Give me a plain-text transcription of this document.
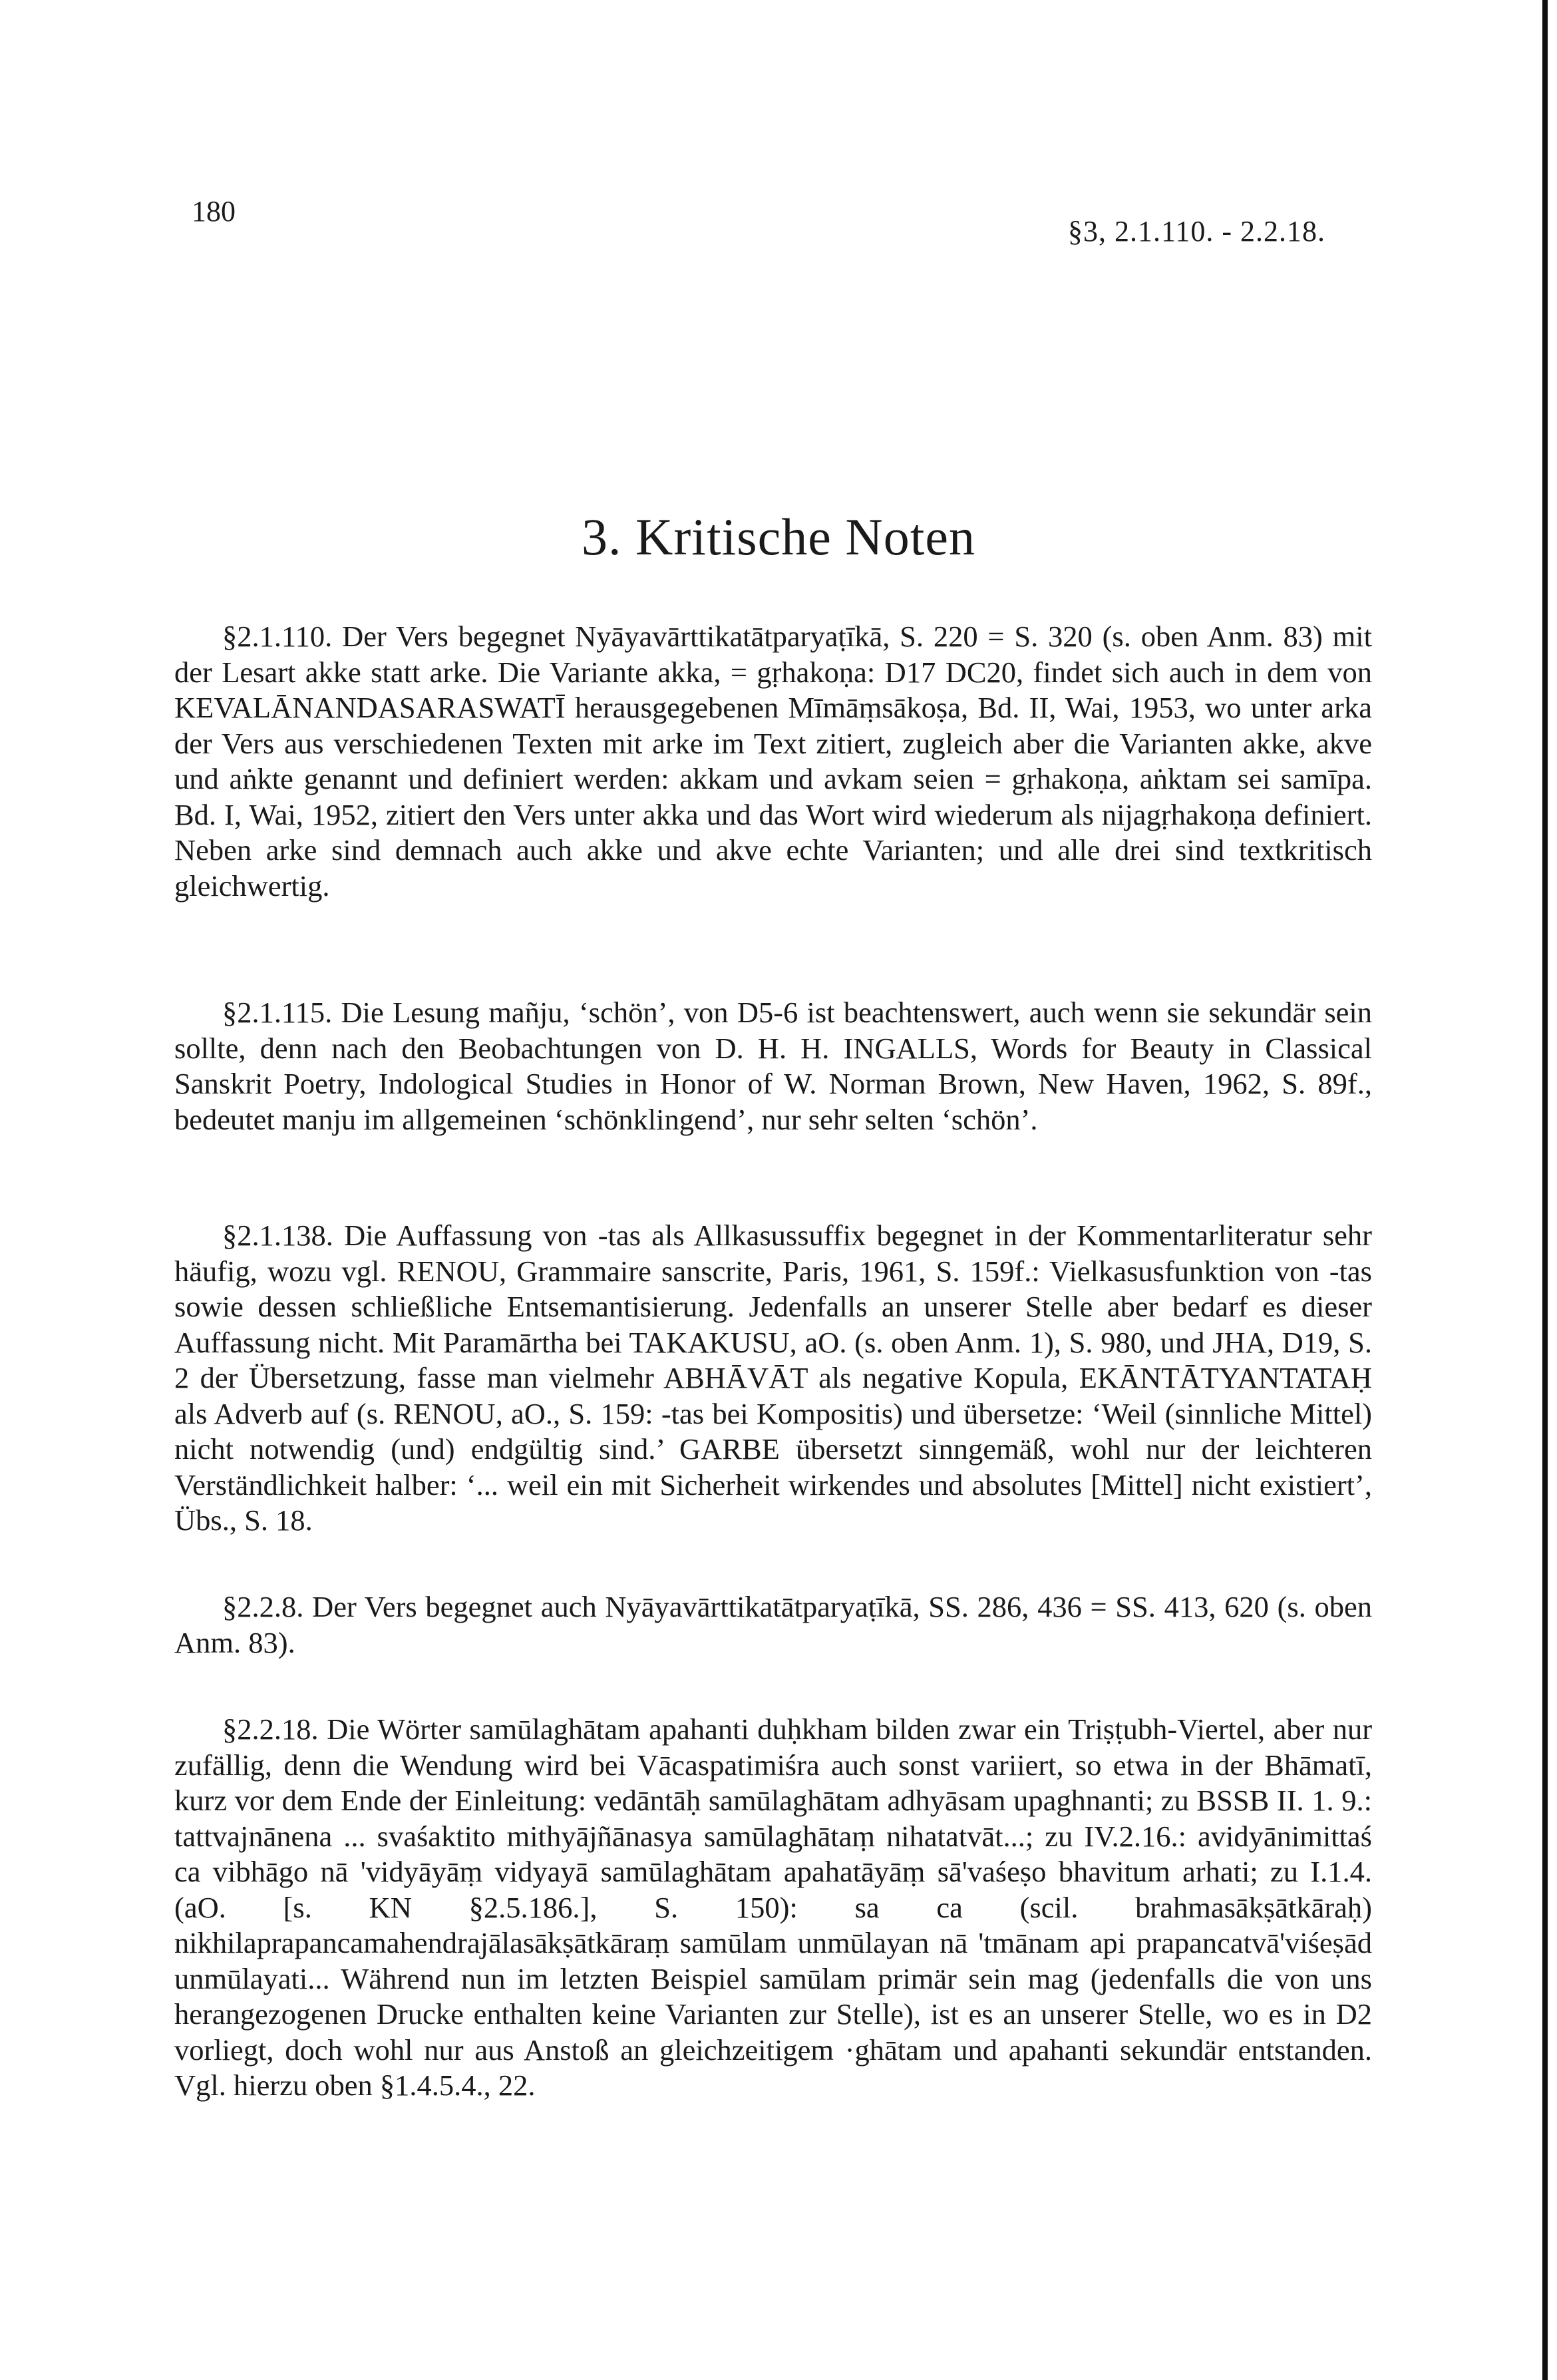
180
§3, 2.1.110. - 2.2.18.
3. Kritische Noten

§2.1.110. Der Vers begegnet Nyāyavārttikatātparyaṭīkā, S. 220 = S. 320 (s. oben Anm. 83) mit der Lesart akke statt arke. Die Variante akka, = gṛhakoṇa: D17 DC20, findet sich auch in dem von KEVALĀNANDASARASWATĪ herausgegebenen Mīmāṃsākoṣa, Bd. II, Wai, 1953, wo unter arka der Vers aus verschiedenen Texten mit arke im Text zitiert, zugleich aber die Varianten akke, akve und aṅkte genannt und definiert werden: akkam und avkam seien = gṛhakoṇa, aṅktam sei samīpa. Bd. I, Wai, 1952, zitiert den Vers unter akka und das Wort wird wiederum als nijagṛhakoṇa definiert. Neben arke sind demnach auch akke und akve echte Varianten; und alle drei sind textkritisch gleichwertig.

§2.1.115. Die Lesung mañju, ‘schön’, von D5-6 ist beachtenswert, auch wenn sie sekundär sein sollte, denn nach den Beobachtungen von D. H. H. INGALLS, Words for Beauty in Classical Sanskrit Poetry, Indological Studies in Honor of W. Norman Brown, New Haven, 1962, S. 89f., bedeutet manju im allgemeinen ‘schönklingend’, nur sehr selten ‘schön’.

§2.1.138. Die Auffassung von -tas als Allkasussuffix begegnet in der Kommentarliteratur sehr häufig, wozu vgl. RENOU, Grammaire sanscrite, Paris, 1961, S. 159f.: Vielkasusfunktion von -tas sowie dessen schließliche Entsemantisierung. Jedenfalls an unserer Stelle aber bedarf es dieser Auffassung nicht. Mit Paramārtha bei TAKAKUSU, aO. (s. oben Anm. 1), S. 980, und JHA, D19, S. 2 der Übersetzung, fasse man vielmehr ABHĀVĀT als negative Kopula, EKĀNTĀTYANTATAḤ als Adverb auf (s. RENOU, aO., S. 159: -tas bei Kompositis) und übersetze: ‘Weil (sinnliche Mittel) nicht notwendig (und) endgültig sind.’ GARBE übersetzt sinngemäß, wohl nur der leichteren Verständlichkeit halber: ‘... weil ein mit Sicherheit wirkendes und absolutes [Mittel] nicht existiert’, Übs., S. 18.

§2.2.8. Der Vers begegnet auch Nyāyavārttikatātparyaṭīkā, SS. 286, 436 = SS. 413, 620 (s. oben Anm. 83).

§2.2.18. Die Wörter samūlaghātam apahanti duḥkham bilden zwar ein Triṣṭubh-Viertel, aber nur zufällig, denn die Wendung wird bei Vācaspatimiśra auch sonst variiert, so etwa in der Bhāmatī, kurz vor dem Ende der Einleitung: vedāntāḥ samūlaghātam adhyāsam upaghnanti; zu BSSB II. 1. 9.: tattvajnānena ... svaśaktito mithyājñānasya samūlaghātaṃ nihatatvāt...; zu IV.2.16.: avidyānimittaś ca vibhāgo nā 'vidyāyāṃ vidyayā samūlaghātam apahatāyāṃ sā'vaśeṣo bhavitum arhati; zu I.1.4. (aO. [s. KN §2.5.186.], S. 150): sa ca (scil. brahmasākṣātkāraḥ) nikhilaprapancamahendrajālasākṣātkāraṃ samūlam unmūlayan nā 'tmānam api prapancatvā'viśeṣād unmūlayati... Während nun im letzten Beispiel samūlam primär sein mag (jedenfalls die von uns herangezogenen Drucke enthalten keine Varianten zur Stelle), ist es an unserer Stelle, wo es in D2 vorliegt, doch wohl nur aus Anstoß an gleichzeitigem ·ghātam und apahanti sekundär entstanden. Vgl. hierzu oben §1.4.5.4., 22.
